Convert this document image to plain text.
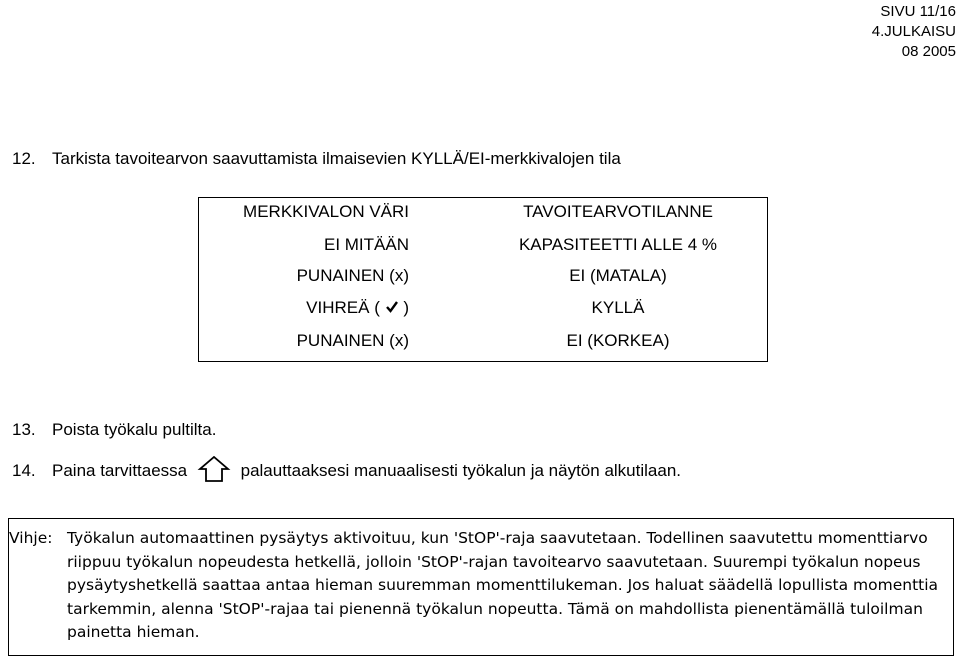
SIVU 11/16
4.JULKAISU
08 2005
12. Tarkista tavoitearvon saavuttamista ilmaisevien KYLLÄ/EI-merkkivalojen tila
MERKKIVALON VÄRI	TAVOITEARVOTILANNE
EI MITÄÄN	KAPASITEETTI ALLE 4 %
PUNAINEN (x)	EI (MATALA)
VIHREÄ ( )	KYLLÄ
PUNAINEN (x)	EI (KORKEA)
13. Poista työkalu pultilta.
14. Paina tarvittaessa	palauttaaksesi manuaalisesti työkalun ja näytön alkutilaan.
Vihje: Työkalun automaattinen pysäytys aktivoituu, kun 'StOP'-raja saavutetaan. Todellinen saavutettu momenttiarvo riippuu työkalun nopeudesta hetkellä, jolloin 'StOP'-rajan tavoitearvo saavutetaan. Suurempi työkalun nopeus pysäytyshetkellä saattaa antaa hieman suuremman momenttilukeman. Jos haluat säädellä lopullista momenttia tarkemmin, alenna 'StOP'-rajaa tai pienennä työkalun nopeutta. Tämä on mahdollista pienentämällä tuloilman painetta hieman.
